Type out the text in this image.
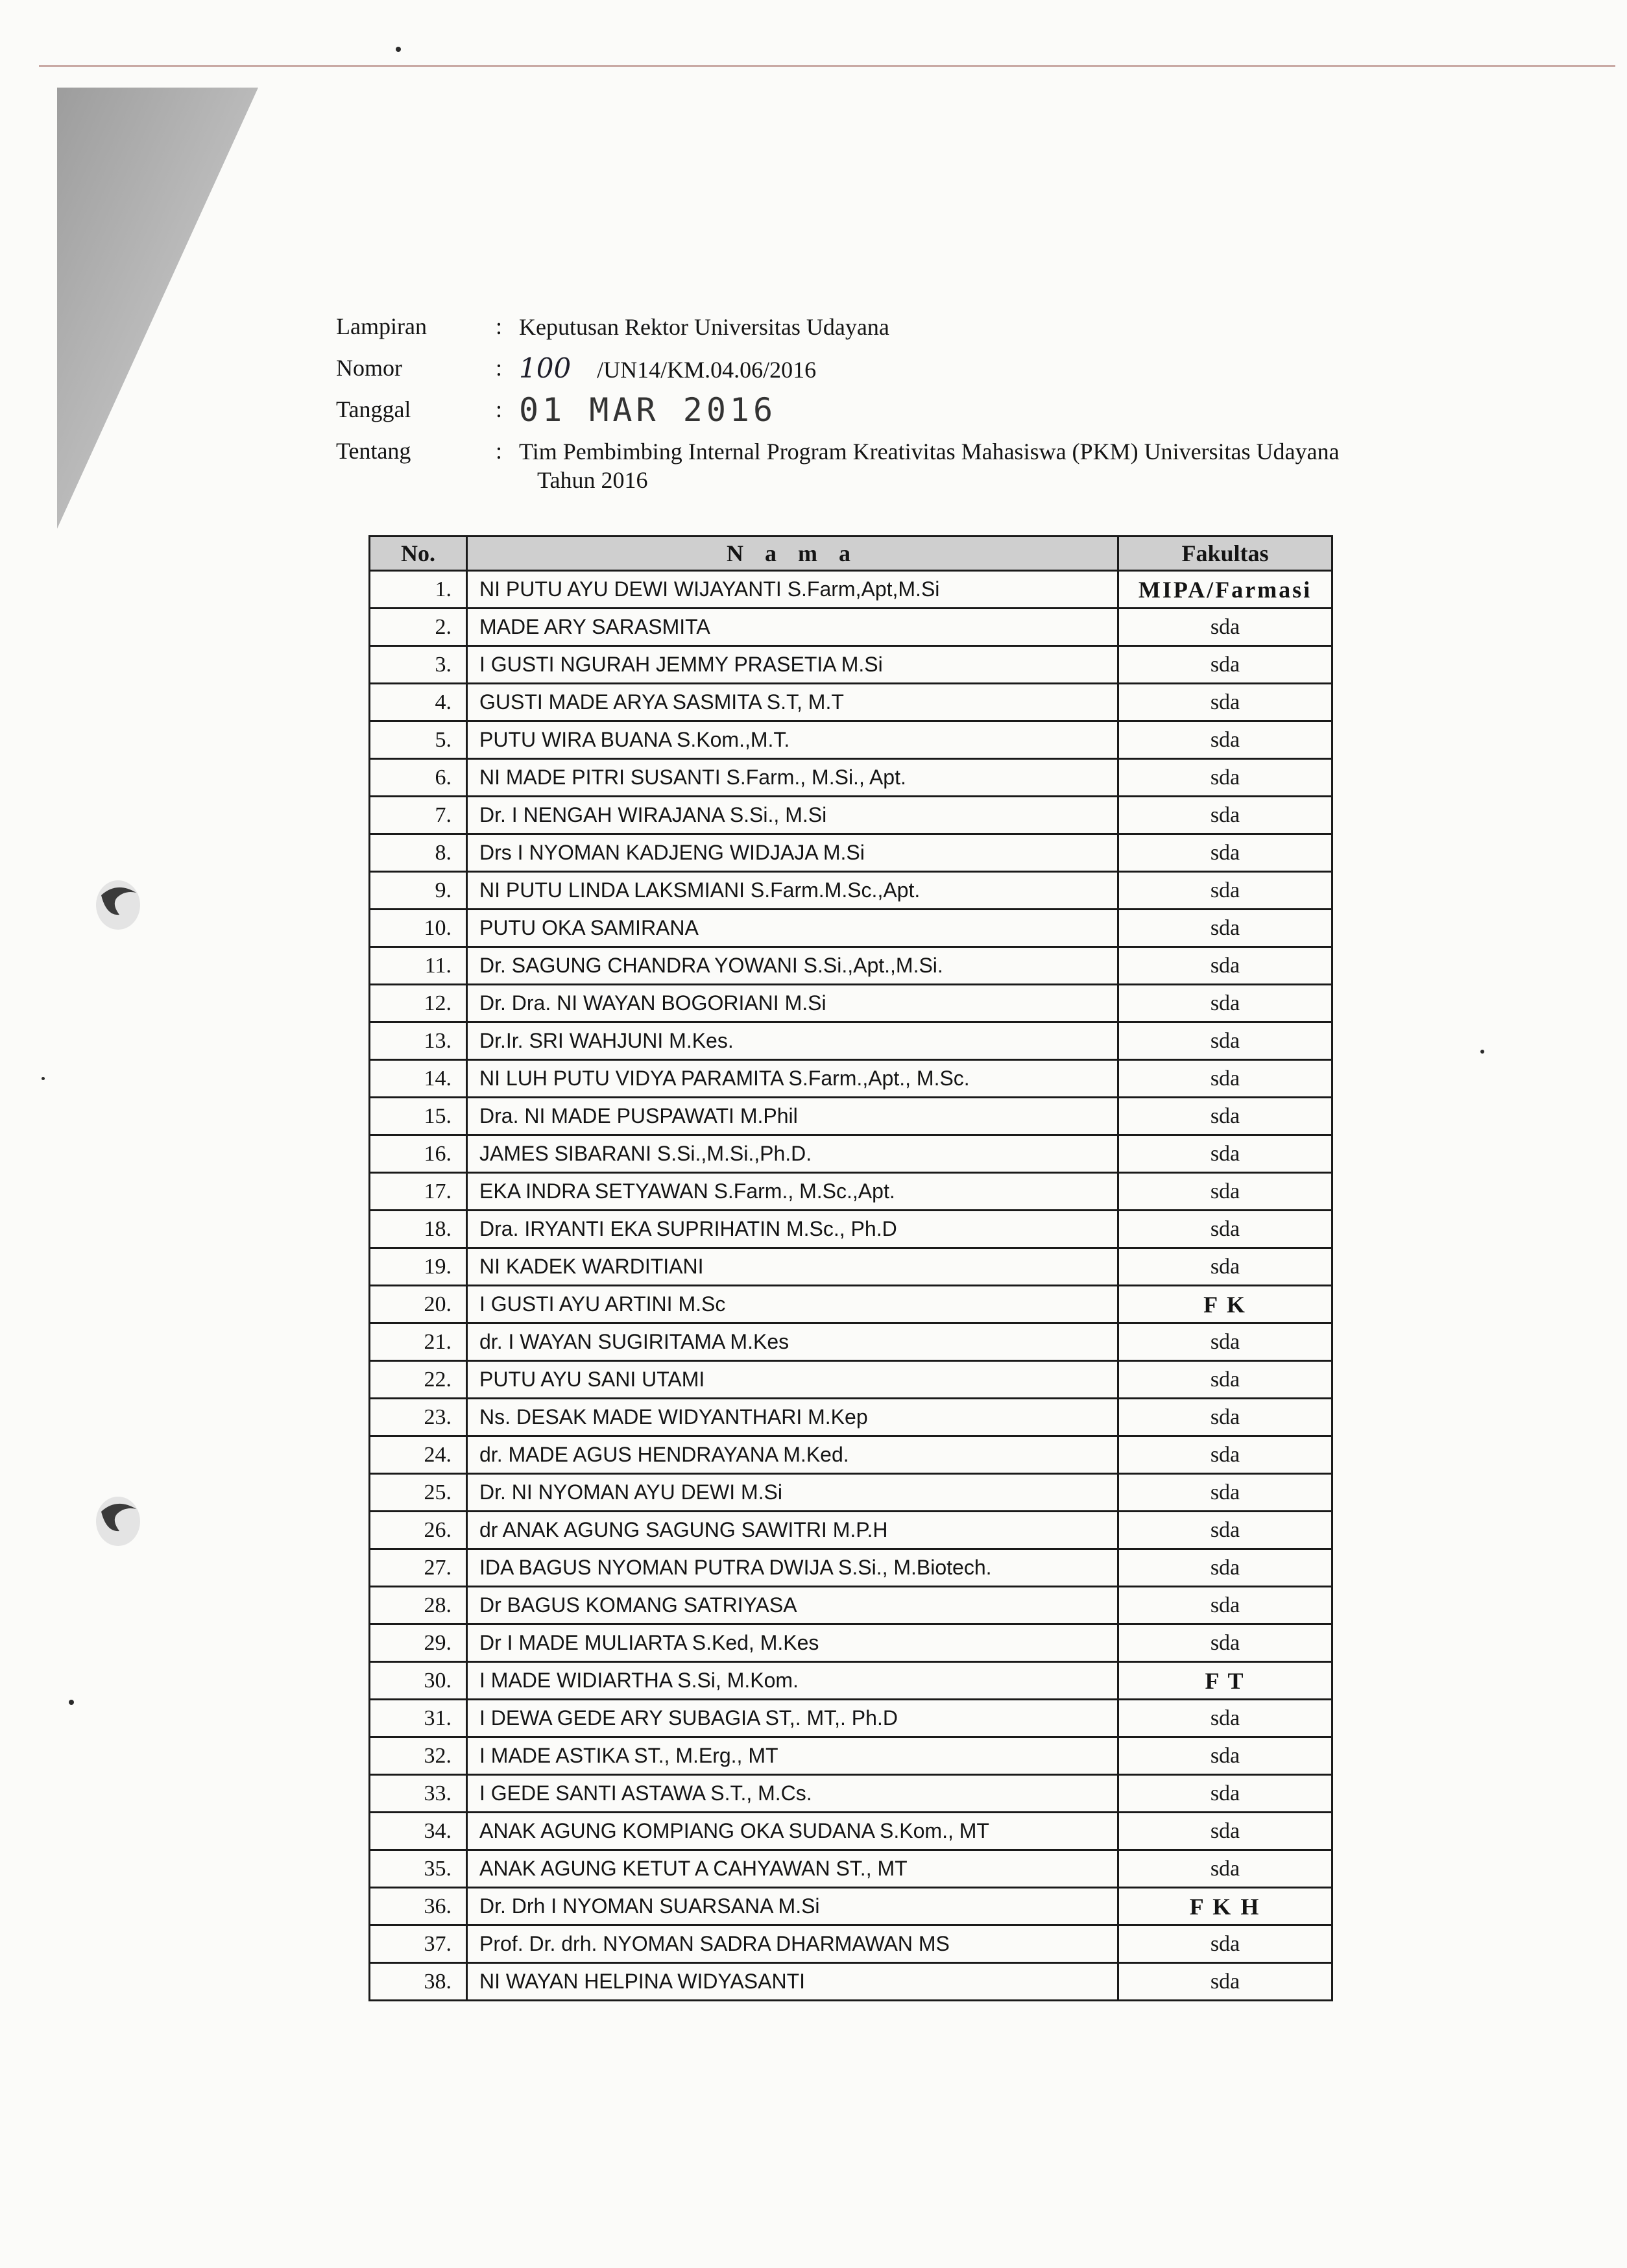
Lampiran	: Keputusan Rektor Universitas Udayana
Nomor	: 100 /UN14/KM.04.06/2016
Tanggal	: 01 MAR 2016
Tentang	: Tim Pembimbing Internal Program Kreativitas Mahasiswa (PKM) Universitas Udayana
Tahun 2016
No.	N a m a	Fakultas
1.	NI PUTU AYU DEWI WIJAYANTI S.Farm,Apt,M.Si	MIPA/Farmasi
2.	MADE ARY SARASMITA	sda
3.	I GUSTI NGURAH JEMMY PRASETIA M.Si	sda
4.	GUSTI MADE ARYA SASMITA S.T, M.T	sda
5.	PUTU WIRA BUANA S.Kom.,M.T.	sda
6.	NI MADE PITRI SUSANTI S.Farm., M.Si., Apt.	sda
7.	Dr. I NENGAH WIRAJANA S.Si., M.Si	sda
8.	Drs I NYOMAN KADJENG WIDJAJA M.Si	sda
9.	NI PUTU LINDA LAKSMIANI S.Farm.M.Sc.,Apt.	sda
10.	PUTU OKA SAMIRANA	sda
11.	Dr. SAGUNG CHANDRA YOWANI S.Si.,Apt.,M.Si.	sda
12.	Dr. Dra. NI WAYAN BOGORIANI M.Si	sda
13.	Dr.Ir. SRI WAHJUNI M.Kes.	sda
14.	NI LUH PUTU VIDYA PARAMITA S.Farm.,Apt., M.Sc.	sda
15.	Dra. NI MADE PUSPAWATI M.Phil	sda
16.	JAMES SIBARANI S.Si.,M.Si.,Ph.D.	sda
17.	EKA INDRA SETYAWAN S.Farm., M.Sc.,Apt.	sda
18.	Dra. IRYANTI EKA SUPRIHATIN M.Sc., Ph.D	sda
19.	NI KADEK WARDITIANI	sda
20.	I GUSTI AYU ARTINI M.Sc	F K
21.	dr. I WAYAN SUGIRITAMA M.Kes	sda
22.	PUTU AYU SANI UTAMI	sda
23.	Ns. DESAK MADE WIDYANTHARI M.Kep	sda
24.	dr. MADE AGUS HENDRAYANA M.Ked.	sda
25.	Dr. NI NYOMAN AYU DEWI M.Si	sda
26.	dr ANAK AGUNG SAGUNG SAWITRI M.P.H	sda
27.	IDA BAGUS NYOMAN PUTRA DWIJA S.Si., M.Biotech.	sda
28.	Dr BAGUS KOMANG SATRIYASA	sda
29.	Dr I MADE MULIARTA S.Ked, M.Kes	sda
30.	I MADE WIDIARTHA S.Si, M.Kom.	F T
31.	I DEWA GEDE ARY SUBAGIA ST,. MT,. Ph.D	sda
32.	I MADE ASTIKA ST., M.Erg., MT	sda
33.	I GEDE SANTI ASTAWA S.T., M.Cs.	sda
34.	ANAK AGUNG KOMPIANG OKA SUDANA S.Kom., MT	sda
35.	ANAK AGUNG KETUT A CAHYAWAN ST., MT	sda
36.	Dr. Drh I NYOMAN SUARSANA M.Si	F K H
37.	Prof. Dr. drh. NYOMAN SADRA DHARMAWAN MS	sda
38.	NI WAYAN HELPINA WIDYASANTI	sda
